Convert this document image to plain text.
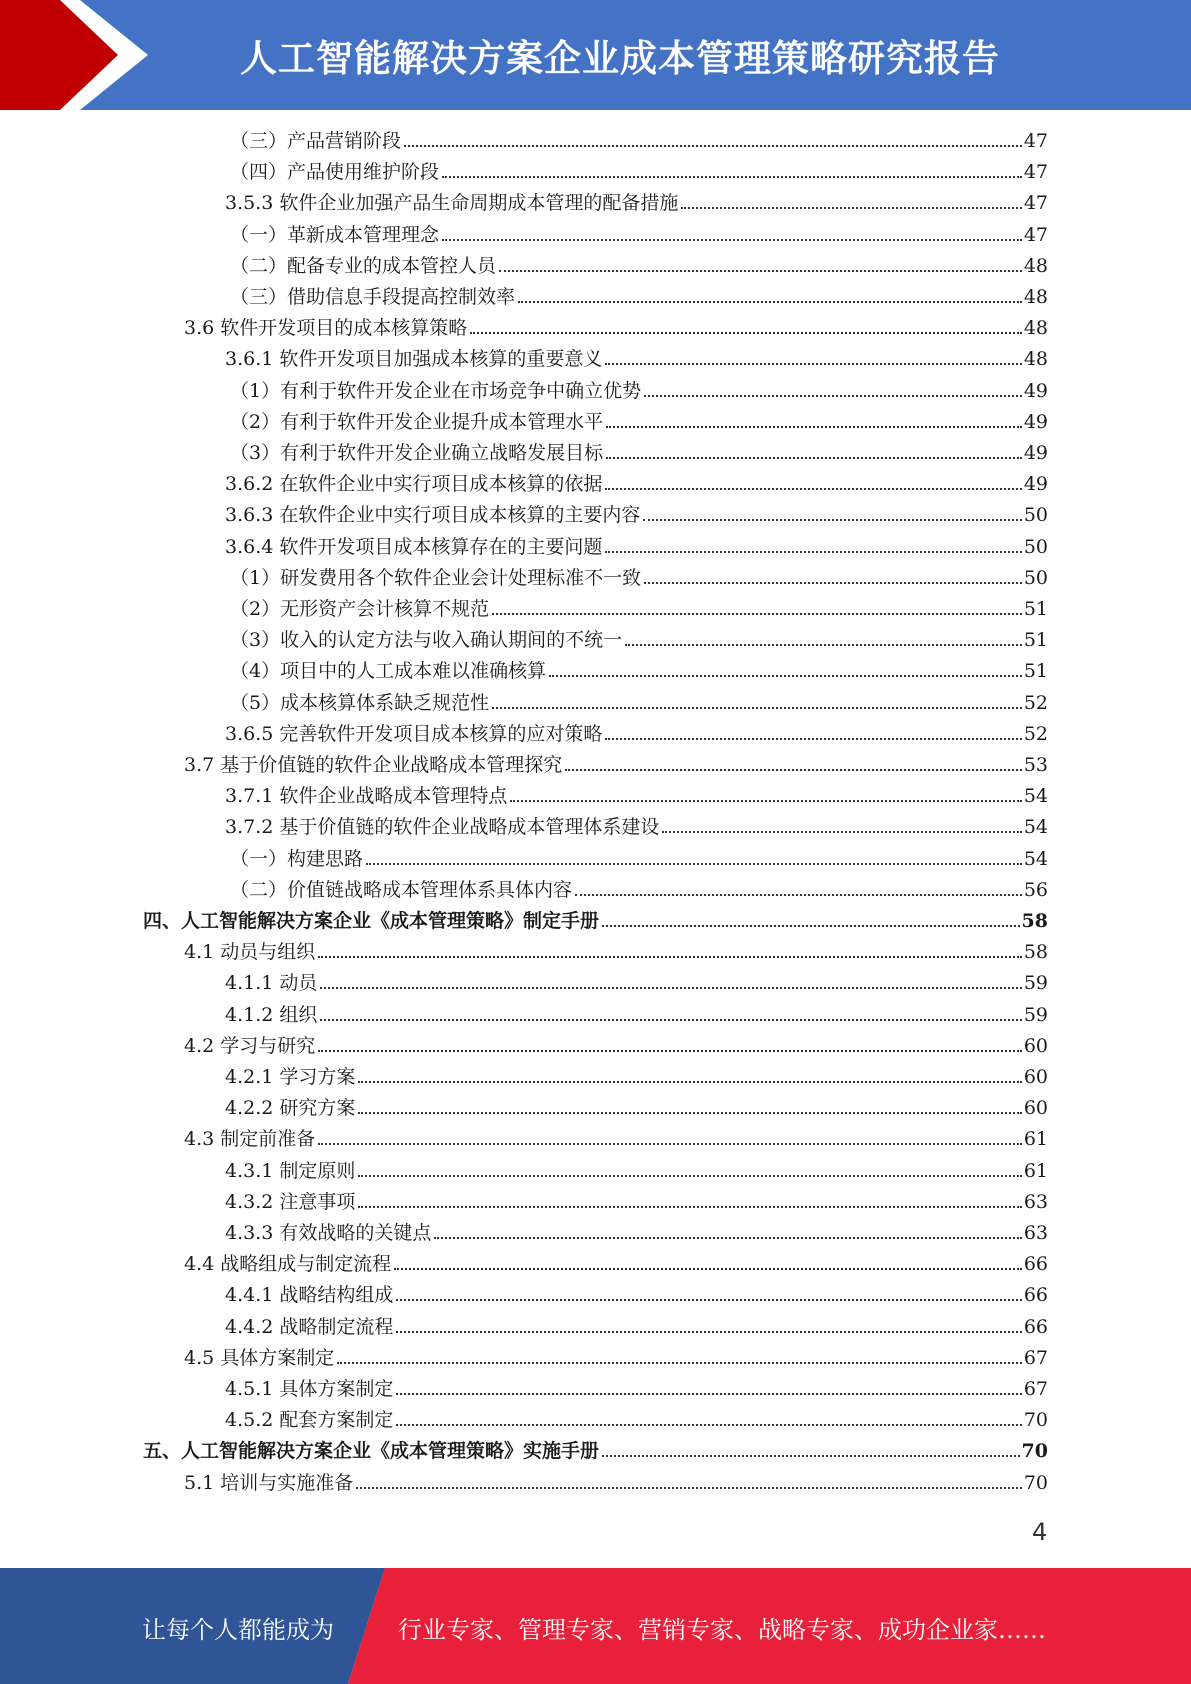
人工智能解决方案企业成本管理策略研究报告
（三）产品营销阶段	47
（四）产品使用维护阶段	47
3.5.3 软件企业加强产品生命周期成本管理的配备措施	47
（一）革新成本管理理念	47
（二）配备专业的成本管控人员	48
（三）借助信息手段提高控制效率	48
3.6 软件开发项目的成本核算策略	48
3.6.1 软件开发项目加强成本核算的重要意义	48
（1）有利于软件开发企业在市场竞争中确立优势	49
（2）有利于软件开发企业提升成本管理水平	49
（3）有利于软件开发企业确立战略发展目标	49
3.6.2 在软件企业中实行项目成本核算的依据	49
3.6.3 在软件企业中实行项目成本核算的主要内容	50
3.6.4 软件开发项目成本核算存在的主要问题	50
（1）研发费用各个软件企业会计处理标准不一致	50
（2）无形资产会计核算不规范	51
（3）收入的认定方法与收入确认期间的不统一	51
（4）项目中的人工成本难以准确核算	51
（5）成本核算体系缺乏规范性	52
3.6.5 完善软件开发项目成本核算的应对策略	52
3.7 基于价值链的软件企业战略成本管理探究	53
3.7.1 软件企业战略成本管理特点	54
3.7.2 基于价值链的软件企业战略成本管理体系建设	54
（一）构建思路	54
（二）价值链战略成本管理体系具体内容	56
四、人工智能解决方案企业《成本管理策略》制定手册	58
4.1 动员与组织	58
4.1.1 动员	59
4.1.2 组织	59
4.2 学习与研究	60
4.2.1 学习方案	60
4.2.2 研究方案	60
4.3 制定前准备	61
4.3.1 制定原则	61
4.3.2 注意事项	63
4.3.3 有效战略的关键点	63
4.4 战略组成与制定流程	66
4.4.1 战略结构组成	66
4.4.2 战略制定流程	66
4.5 具体方案制定	67
4.5.1 具体方案制定	67
4.5.2 配套方案制定	70
五、人工智能解决方案企业《成本管理策略》实施手册	70
5.1 培训与实施准备	70
4
让每个人都能成为	行业专家、管理专家、营销专家、战略专家、成功企业家……
